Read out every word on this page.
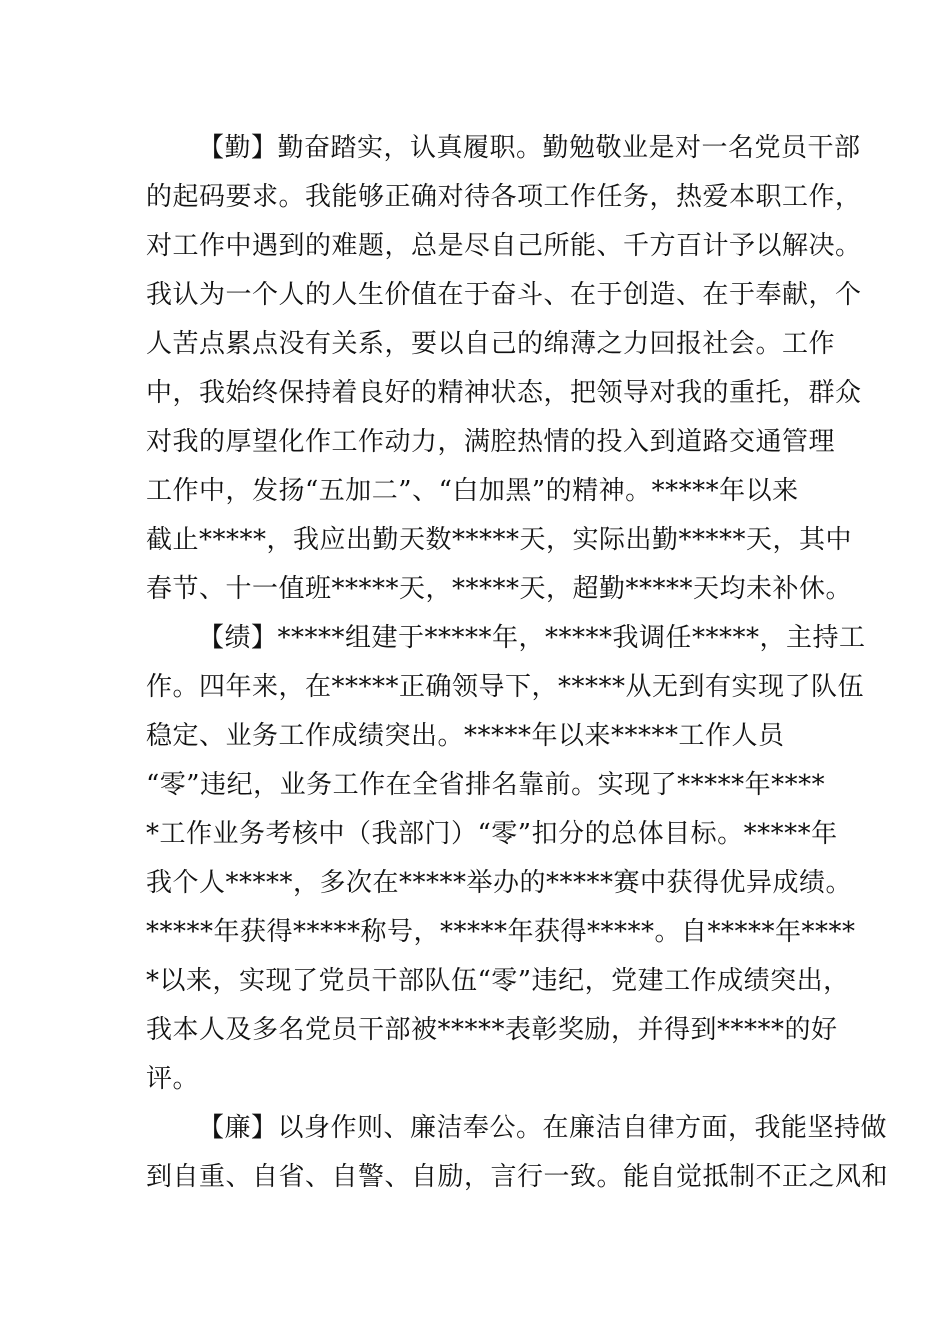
【勤】勤奋踏实，认真履职。勤勉敬业是对一名党员干部
的起码要求。我能够正确对待各项工作任务，热爱本职工作，
对工作中遇到的难题，总是尽自己所能、千方百计予以解决。
我认为一个人的人生价值在于奋斗、在于创造、在于奉献，个
人苦点累点没有关系，要以自己的绵薄之力回报社会。工作
中，我始终保持着良好的精神状态，把领导对我的重托，群众
对我的厚望化作工作动力，满腔热情的投入到道路交通管理
工作中，发扬“五加二”、“白加黑”的精神。*****年以来
截止*****，我应出勤天数*****天，实际出勤*****天，其中
春节、十一值班*****天，*****天，超勤*****天均未补休。
【绩】*****组建于*****年，*****我调任*****，主持工
作。四年来，在*****正确领导下，*****从无到有实现了队伍
稳定、业务工作成绩突出。*****年以来*****工作人员
“零”违纪，业务工作在全省排名靠前。实现了*****年****
*工作业务考核中（我部门）“零”扣分的总体目标。*****年
我个人*****，多次在*****举办的*****赛中获得优异成绩。
*****年获得*****称号，*****年获得*****。自*****年****
*以来，实现了党员干部队伍“零”违纪，党建工作成绩突出，
我本人及多名党员干部被*****表彰奖励，并得到*****的好
评。
【廉】以身作则、廉洁奉公。在廉洁自律方面，我能坚持做
到自重、自省、自警、自励，言行一致。能自觉抵制不正之风和
